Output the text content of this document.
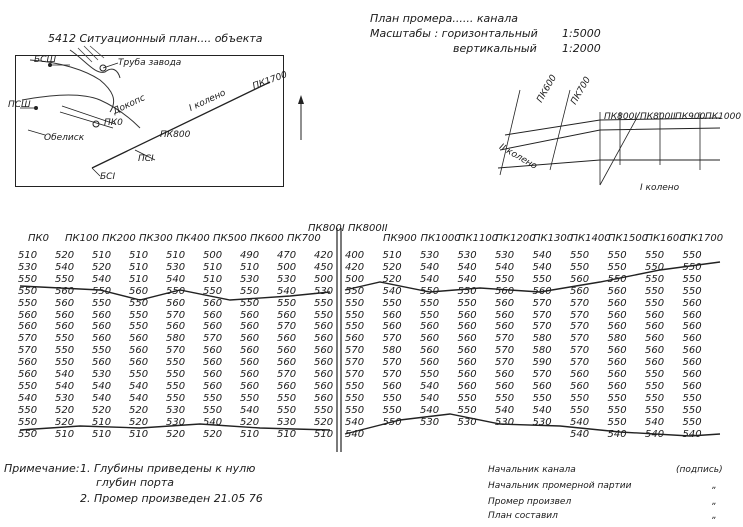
5412 Ситуационный план.... объекта
Труба завода
Докопс
Обелиск
ПК0
ПК800
ПК1700
I колено
БСШ
ПСШ
ПСI
БСI
План промера...... канала
Масштабы : горизонтальный 1:5000
вертикальный 1:2000
ПК600 ПК700
ПК800I ПК800II ПК900 ПК1000
II колено
I колено
ПК0 ПК100 ПК200 ПК300 ПК400 ПК500 ПК600 ПК700
ПК800I ПК800II
ПК900 ПК1000
ПК1100
ПК1200
ПК1300
ПК1400
ПК1500
ПК1600
ПК1700
510 520 510 510 510 500 490 470 420
530 540 520 510 530 510 510 500 450
550 550 540 510 540 510 530 530 500
550 560 550 560 550 550 550 540 530
550 560 550 550 560 560 550 550 550
560 560 560 550 570 560 560 560 550
560 560 560 550 560 560 560 570 560
570 550 560 560 580 570 560 560 560
570 550 550 560 570 560 560 560 560
560 550 560 560 550 560 560 560 560
560 540 530 550 550 560 560 570 560
550 540 540 540 550 560 560 560 560
540 530 540 540 550 550 550 550 560
550 520 520 520 530 550 540 550 550
550 520 510 520 530 540 520 530 520
550 510 510 510 520 520 510 510 510
400 510 530 530 530 540 550 550 550 550
420 520 540 540 540 540 550 550 550 550
500 520 540 540 550 550 560 550 550 550
550 540 550 550 560 560 560 560 550 550
550 550 550 550 560 570 570 560 550 560
550 560 550 560 560 570 570 560 560 560
550 560 560 560 560 570 570 560 560 560
560 570 560 560 570 580 570 580 560 560
570 580 560 560 570 580 570 560 560 560
570 570 560 560 570 590 570 560 560 560
570 570 550 560 560 570 560 560 550 560
550 560 540 560 560 560 560 560 550 560
550 550 540 550 550 550 550 550 550 550
550 550 540 550 540 540 550 550 550 550
540 550 530 530 530 530 540 550 540 550
540	540 540 540 540
Примечание: 1. Глубины приведены к нулю
глубин порта
2. Промер произведен 21.05 76
Начальник канала	(подпись)
Начальник промерной партии	„
Промер произвел	„
План составил	„
